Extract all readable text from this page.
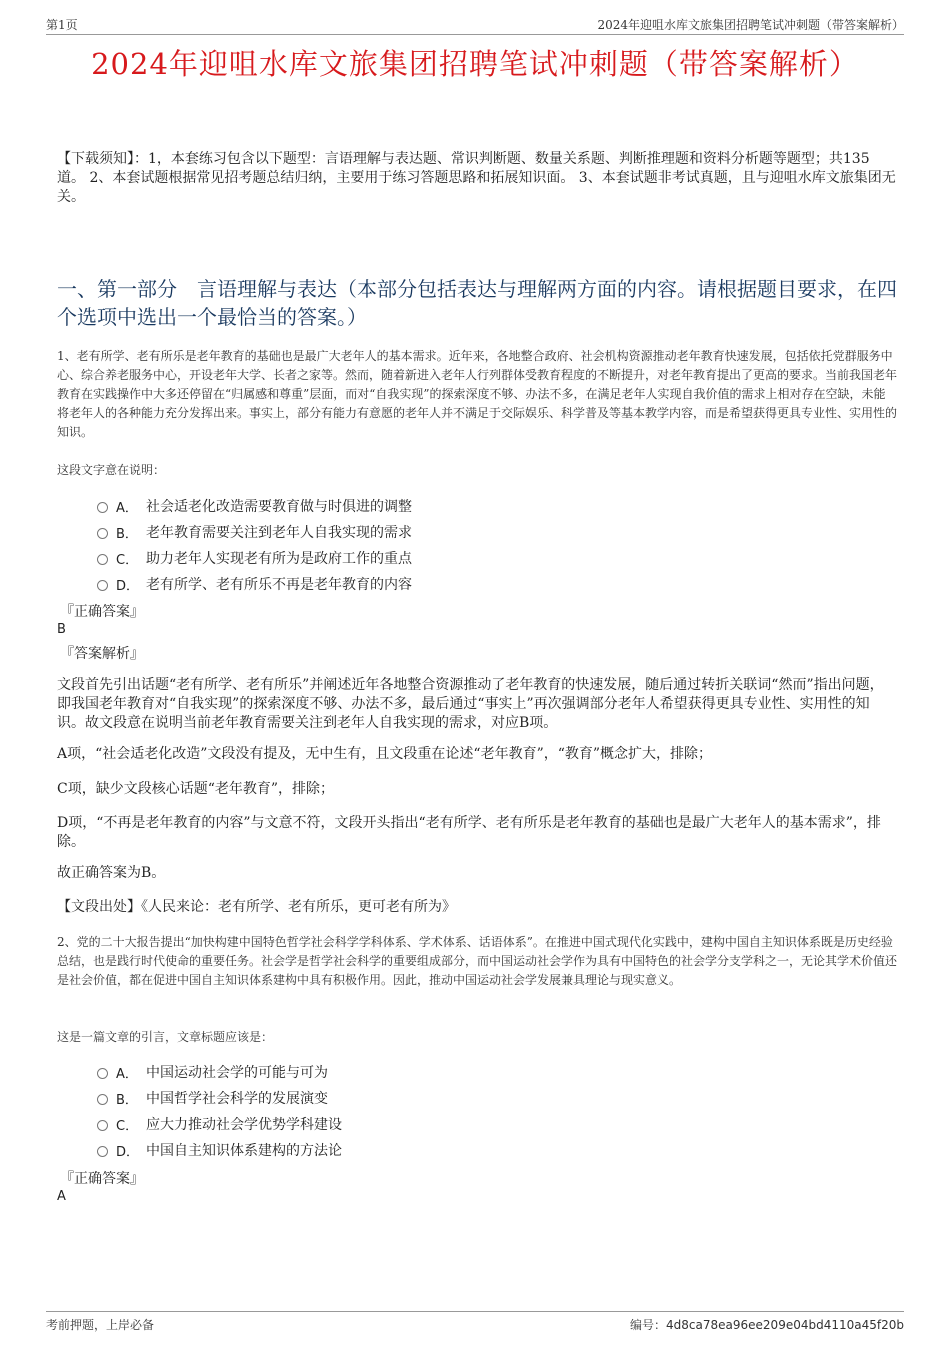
第1页	2024年迎咀水库文旅集团招聘笔试冲刺题（带答案解析）
2024年迎咀水库文旅集团招聘笔试冲刺题（带答案解析）
【下载须知】：1，本套练习包含以下题型：言语理解与表达题、常识判断题、数量关系题、判断推理题和资料分析题等题型；共135道。 2、本套试题根据常见招考题总结归纳，主要用于练习答题思路和拓展知识面。 3、本套试题非考试真题，且与迎咀水库文旅集团无关。
一、第一部分　言语理解与表达（本部分包括表达与理解两方面的内容。请根据题目要求，在四个选项中选出一个最恰当的答案。）
1、老有所学、老有所乐是老年教育的基础也是最广大老年人的基本需求。近年来，各地整合政府、社会机构资源推动老年教育快速发展，包括依托党群服务中心、综合养老服务中心，开设老年大学、长者之家等。然而，随着新进入老年人行列群体受教育程度的不断提升，对老年教育提出了更高的要求。当前我国老年教育在实践操作中大多还停留在“归属感和尊重”层面，而对“自我实现”的探索深度不够、办法不多，在满足老年人实现自我价值的需求上相对存在空缺，未能将老年人的各种能力充分发挥出来。事实上，部分有能力有意愿的老年人并不满足于交际娱乐、科学普及等基本教学内容，而是希望获得更具专业性、实用性的知识。
这段文字意在说明：
A． 社会适老化改造需要教育做与时俱进的调整
B． 老年教育需要关注到老年人自我实现的需求
C． 助力老年人实现老有所为是政府工作的重点
D． 老有所学、老有所乐不再是老年教育的内容
『正确答案』
B
『答案解析』
文段首先引出话题“老有所学、老有所乐”并阐述近年各地整合资源推动了老年教育的快速发展，随后通过转折关联词“然而”指出问题，即我国老年教育对“自我实现”的探索深度不够、办法不多，最后通过“事实上”再次强调部分老年人希望获得更具专业性、实用性的知识。故文段意在说明当前老年教育需要关注到老年人自我实现的需求，对应B项。
A项，“社会适老化改造”文段没有提及，无中生有，且文段重在论述“老年教育”，“教育”概念扩大，排除；
C项，缺少文段核心话题“老年教育”，排除；
D项，“不再是老年教育的内容”与文意不符，文段开头指出“老有所学、老有所乐是老年教育的基础也是最广大老年人的基本需求”，排除。
故正确答案为B。
【文段出处】《人民来论：老有所学、老有所乐，更可老有所为》
2、党的二十大报告提出“加快构建中国特色哲学社会科学学科体系、学术体系、话语体系”。在推进中国式现代化实践中，建构中国自主知识体系既是历史经验总结，也是践行时代使命的重要任务。社会学是哲学社会科学的重要组成部分，而中国运动社会学作为具有中国特色的社会学分支学科之一，无论其学术价值还是社会价值，都在促进中国自主知识体系建构中具有积极作用。因此，推动中国运动社会学发展兼具理论与现实意义。
这是一篇文章的引言，文章标题应该是：
A． 中国运动社会学的可能与可为
B． 中国哲学社会科学的发展演变
C． 应大力推动社会学优势学科建设
D． 中国自主知识体系建构的方法论
『正确答案』
A
考前押题，上岸必备	编号：4d8ca78ea96ee209e04bd4110a45f20b
